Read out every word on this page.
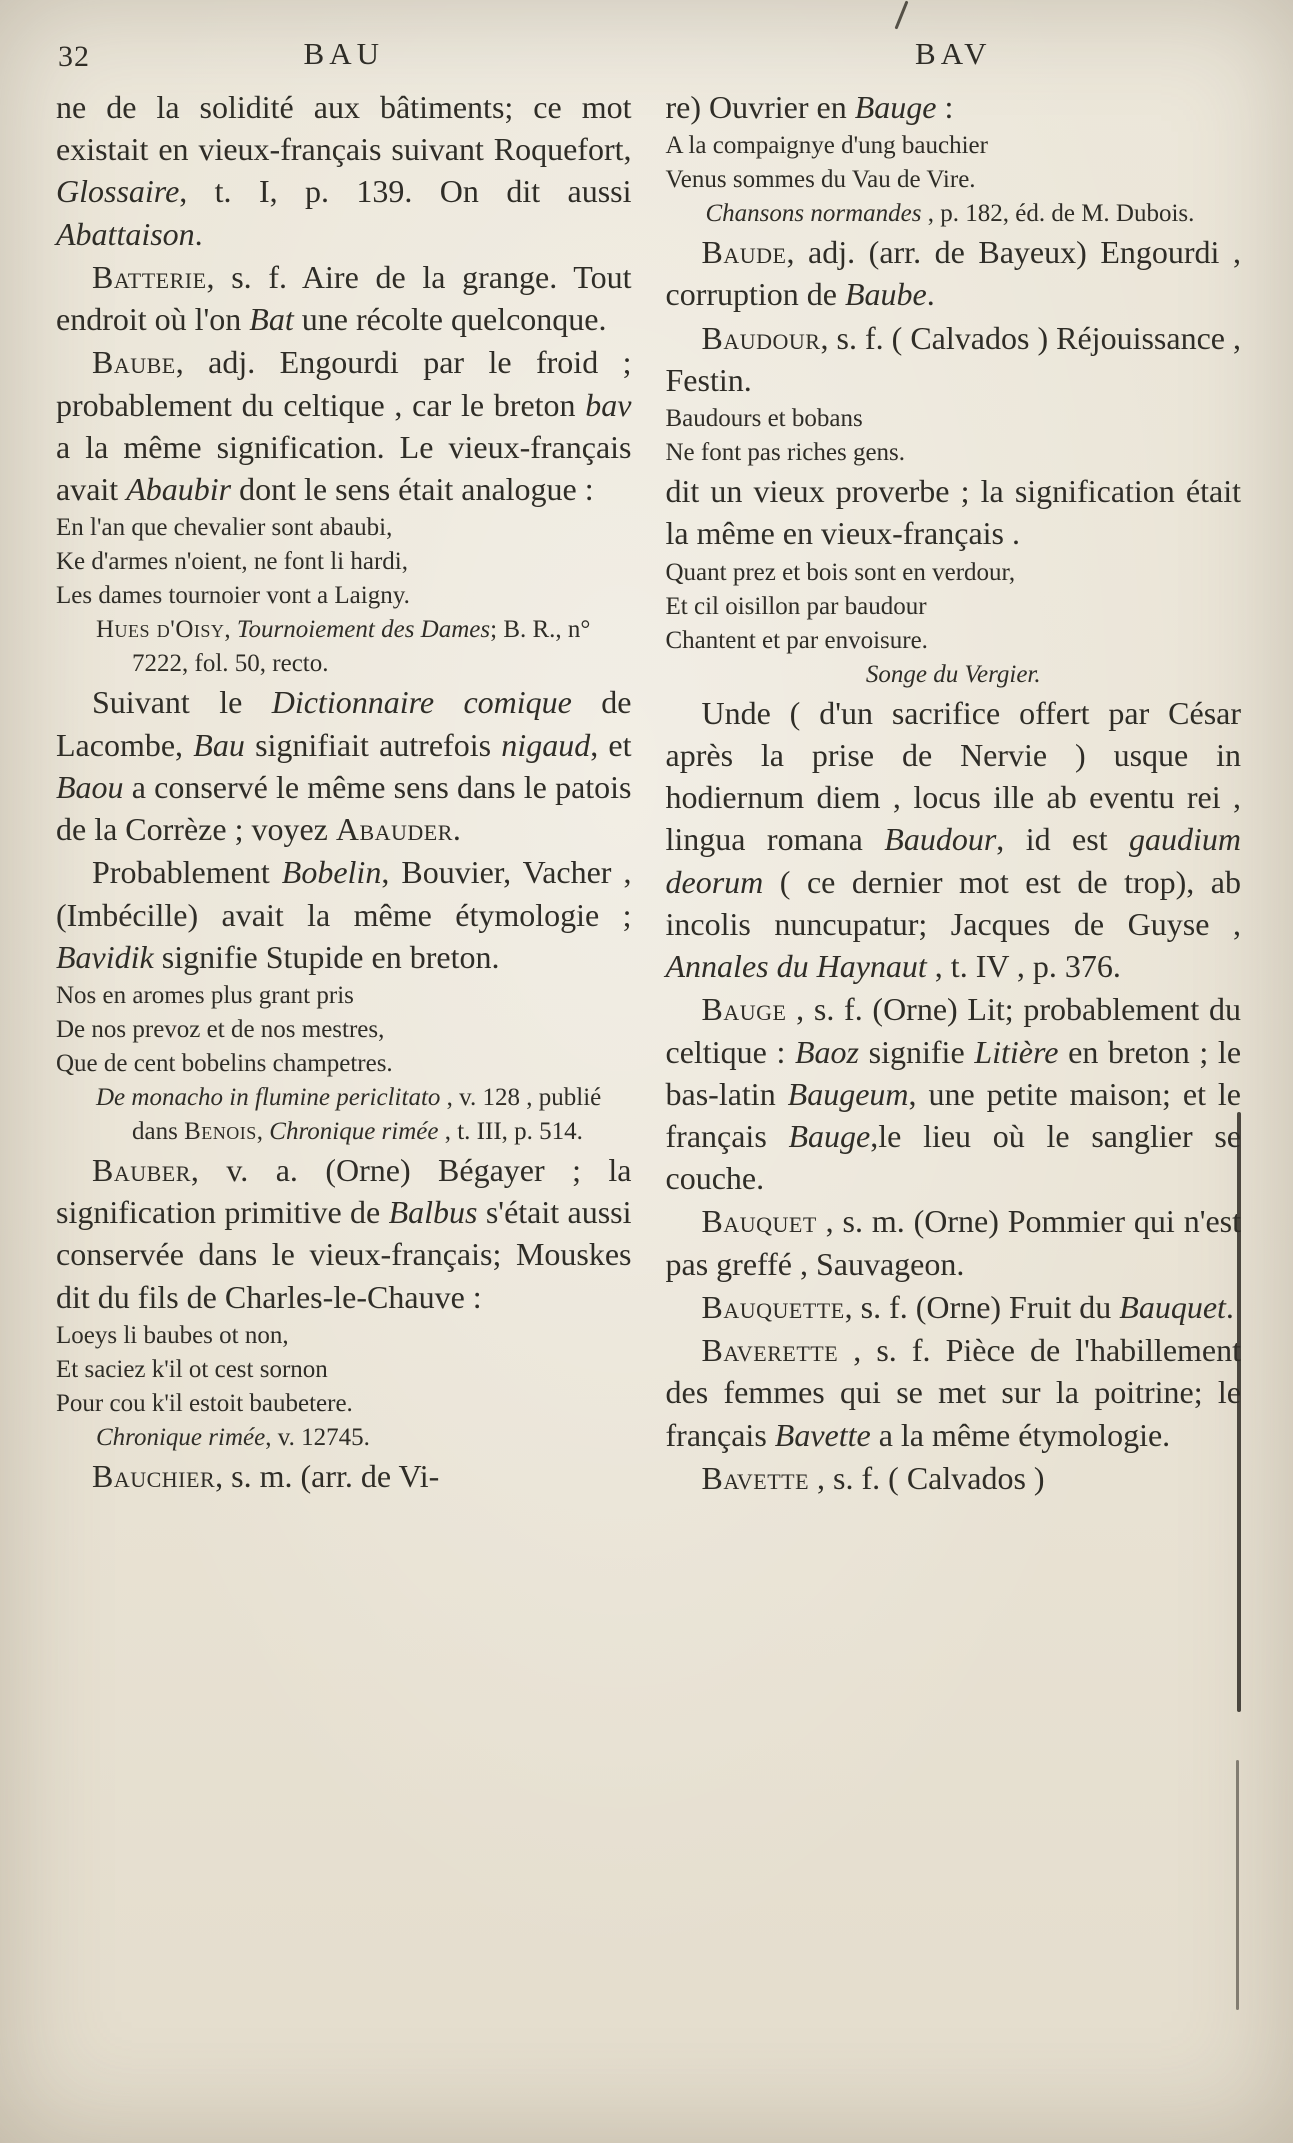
32	BAU	BAV

ne de la solidité aux bâtiments; ce mot existait en vieux-français suivant Roquefort, Glossaire, t. I, p. 139. On dit aussi Abattaison.

Batterie, s. f. Aire de la grange. Tout endroit où l'on Bat une récolte quelconque.

Baube, adj. Engourdi par le froid ; probablement du celtique , car le breton bav a la même signification. Le vieux-français avait Abaubir dont le sens était analogue :

En l'an que chevalier sont abaubi,
Ke d'armes n'oient, ne font li hardi,
Les dames tournoier vont a Laigny.
Hues d'Oisy, Tournoiement des Dames; B. R., n° 7222, fol. 50, recto.

Suivant le Dictionnaire comique de Lacombe, Bau signifiait autrefois nigaud, et Baou a conservé le même sens dans le patois de la Corrèze ; voyez Abauder.

Probablement Bobelin, Bouvier, Vacher , (Imbécille) avait la même étymologie ; Bavidik signifie Stupide en breton.

Nos en aromes plus grant pris
De nos prevoz et de nos mestres,
Que de cent bobelins champetres.
De monacho in flumine periclitato , v. 128 , publié dans Benois, Chronique rimée , t. III, p. 514.

Bauber, v. a. (Orne) Bégayer ; la signification primitive de Balbus s'était aussi conservée dans le vieux-français; Mouskes dit du fils de Charles-le-Chauve :

Loeys li baubes ot non,
Et saciez k'il ot cest sornon
Pour cou k'il estoit baubetere.
Chronique rimée, v. 12745.

Bauchier, s. m. (arr. de Vi-

re) Ouvrier en Bauge :

A la compaignye d'ung bauchier
Venus sommes du Vau de Vire.
Chansons normandes , p. 182, éd. de M. Dubois.

Baude, adj. (arr. de Bayeux) Engourdi , corruption de Baube.

Baudour, s. f. ( Calvados ) Réjouissance , Festin.

Baudours et bobans
Ne font pas riches gens.

dit un vieux proverbe ; la signification était la même en vieux-français .

Quant prez et bois sont en verdour,
Et cil oisillon par baudour
Chantent et par envoisure.
Songe du Vergier.

Unde ( d'un sacrifice offert par César après la prise de Nervie ) usque in hodiernum diem , locus ille ab eventu rei , lingua romana Baudour, id est gaudium deorum ( ce dernier mot est de trop), ab incolis nuncupatur; Jacques de Guyse , Annales du Haynaut , t. IV , p. 376.

Bauge , s. f. (Orne) Lit; probablement du celtique : Baoz signifie Litière en breton ; le bas-latin Baugeum, une petite maison; et le français Bauge,le lieu où le sanglier se couche.

Bauquet , s. m. (Orne) Pommier qui n'est pas greffé , Sauvageon.

Bauquette, s. f. (Orne) Fruit du Bauquet.

Baverette , s. f. Pièce de l'habillement des femmes qui se met sur la poitrine; le français Bavette a la même étymologie.

Bavette , s. f. ( Calvados )
